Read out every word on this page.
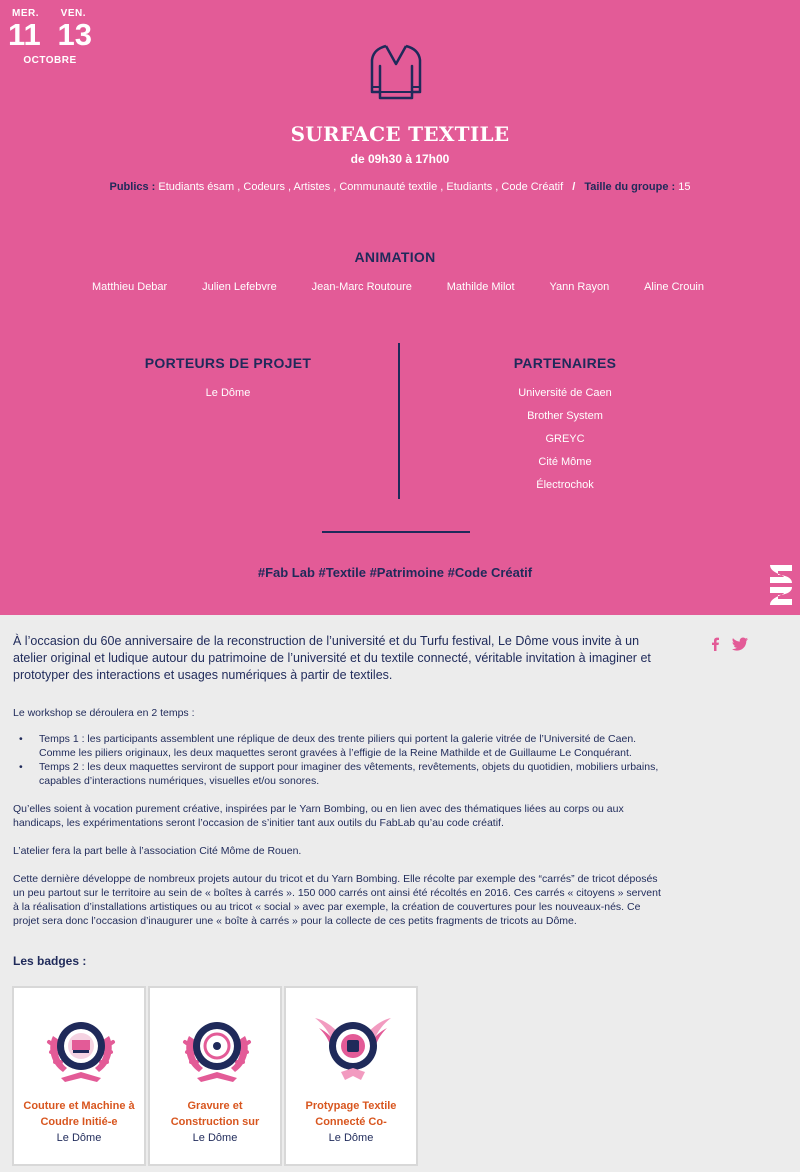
MER. VEN.
11 13
OCTOBRE
SURFACE TEXTILE
de 09h30 à 17h00
Publics : Etudiants ésam , Codeurs , Artistes , Communauté textile , Etudiants , Code Créatif / Taille du groupe : 15
ANIMATION
Matthieu Debar	Julien Lefebvre	Jean-Marc Routoure	Mathilde Milot	Yann Rayon	Aline Crouin
PORTEURS DE PROJET
Le Dôme
PARTENAIRES
Université de Caen
Brother System
GREYC
Cité Môme
Électrochok
#Fab Lab #Textile #Patrimoine #Code Créatif
À l’occasion du 60e anniversaire de la reconstruction de l’université et du Turfu festival, Le Dôme vous invite à un atelier original et ludique autour du patrimoine de l’université et du textile connecté, véritable invitation à imaginer et prototyper des interactions et usages numériques à partir de textiles.

Le workshop se déroulera en 2 temps :

• Temps 1 : les participants assemblent une réplique de deux des trente piliers qui portent la galerie vitrée de l’Université de Caen. Comme les piliers originaux, les deux maquettes seront gravées à l’effigie de la Reine Mathilde et de Guillaume Le Conquérant.
• Temps 2 : les deux maquettes serviront de support pour imaginer des vêtements, revêtements, objets du quotidien, mobiliers urbains, capables d’interactions numériques, visuelles et/ou sonores.

Qu’elles soient à vocation purement créative, inspirées par le Yarn Bombing, ou en lien avec des thématiques liées au corps ou aux handicaps, les expérimentations seront l’occasion de s’initier tant aux outils du FabLab qu’au code créatif.

L’atelier fera la part belle à l’association Cité Môme de Rouen.

Cette dernière développe de nombreux projets autour du tricot et du Yarn Bombing. Elle récolte par exemple des “carrés” de tricot déposés un peu partout sur le territoire au sein de « boîtes à carrés ». 150 000 carrés ont ainsi été récoltés en 2016. Ces carrés « citoyens » servent à la réalisation d’installations artistiques ou au tricot « social » avec par exemple, la création de couvertures pour les nouveaux-nés. Ce projet sera donc l’occasion d’inaugurer une « boîte à carrés » pour la collecte de ces petits fragments de tricots au Dôme.

Les badges :
Couture et Machine à Coudre Initié-e
Le Dôme
Gravure et Construction sur
Le Dôme
Protypage Textile Connecté Co-
Le Dôme
